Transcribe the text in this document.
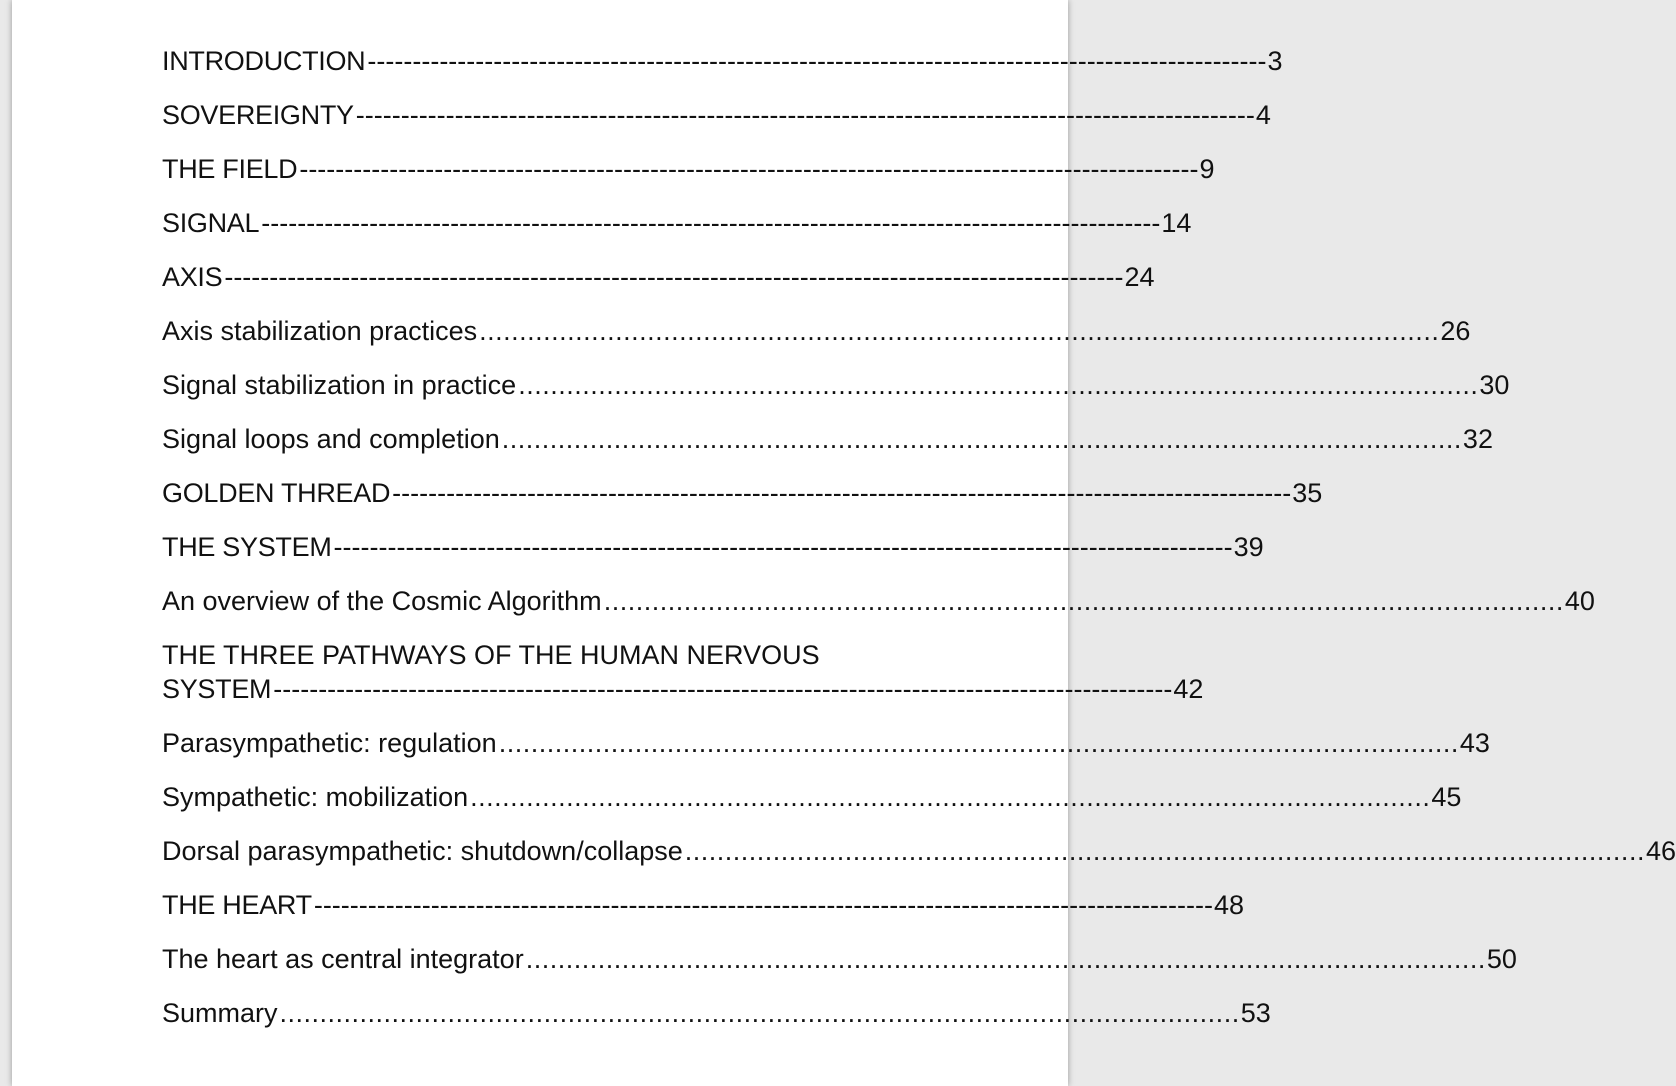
INTRODUCTION ---------------------------------------------------------------------------------------------------- 3
SOVEREIGNTY ---------------------------------------------------------------------------------------------------- 4
THE FIELD ---------------------------------------------------------------------------------------------------- 9
SIGNAL ---------------------------------------------------------------------------------------------------- 14
AXIS ---------------------------------------------------------------------------------------------------- 24
Axis stabilization practices ........................................................................................................................ 26
Signal stabilization in practice ........................................................................................................................ 30
Signal loops and completion ........................................................................................................................ 32
GOLDEN THREAD ---------------------------------------------------------------------------------------------------- 35
THE SYSTEM ---------------------------------------------------------------------------------------------------- 39
An overview of the Cosmic Algorithm ........................................................................................................................ 40
THE THREE PATHWAYS OF THE HUMAN NERVOUS
SYSTEM ---------------------------------------------------------------------------------------------------- 42
Parasympathetic: regulation ........................................................................................................................ 43
Sympathetic: mobilization ........................................................................................................................ 45
Dorsal parasympathetic: shutdown/collapse ........................................................................................................................ 46
THE HEART ---------------------------------------------------------------------------------------------------- 48
The heart as central integrator ........................................................................................................................ 50
Summary ........................................................................................................................ 53
